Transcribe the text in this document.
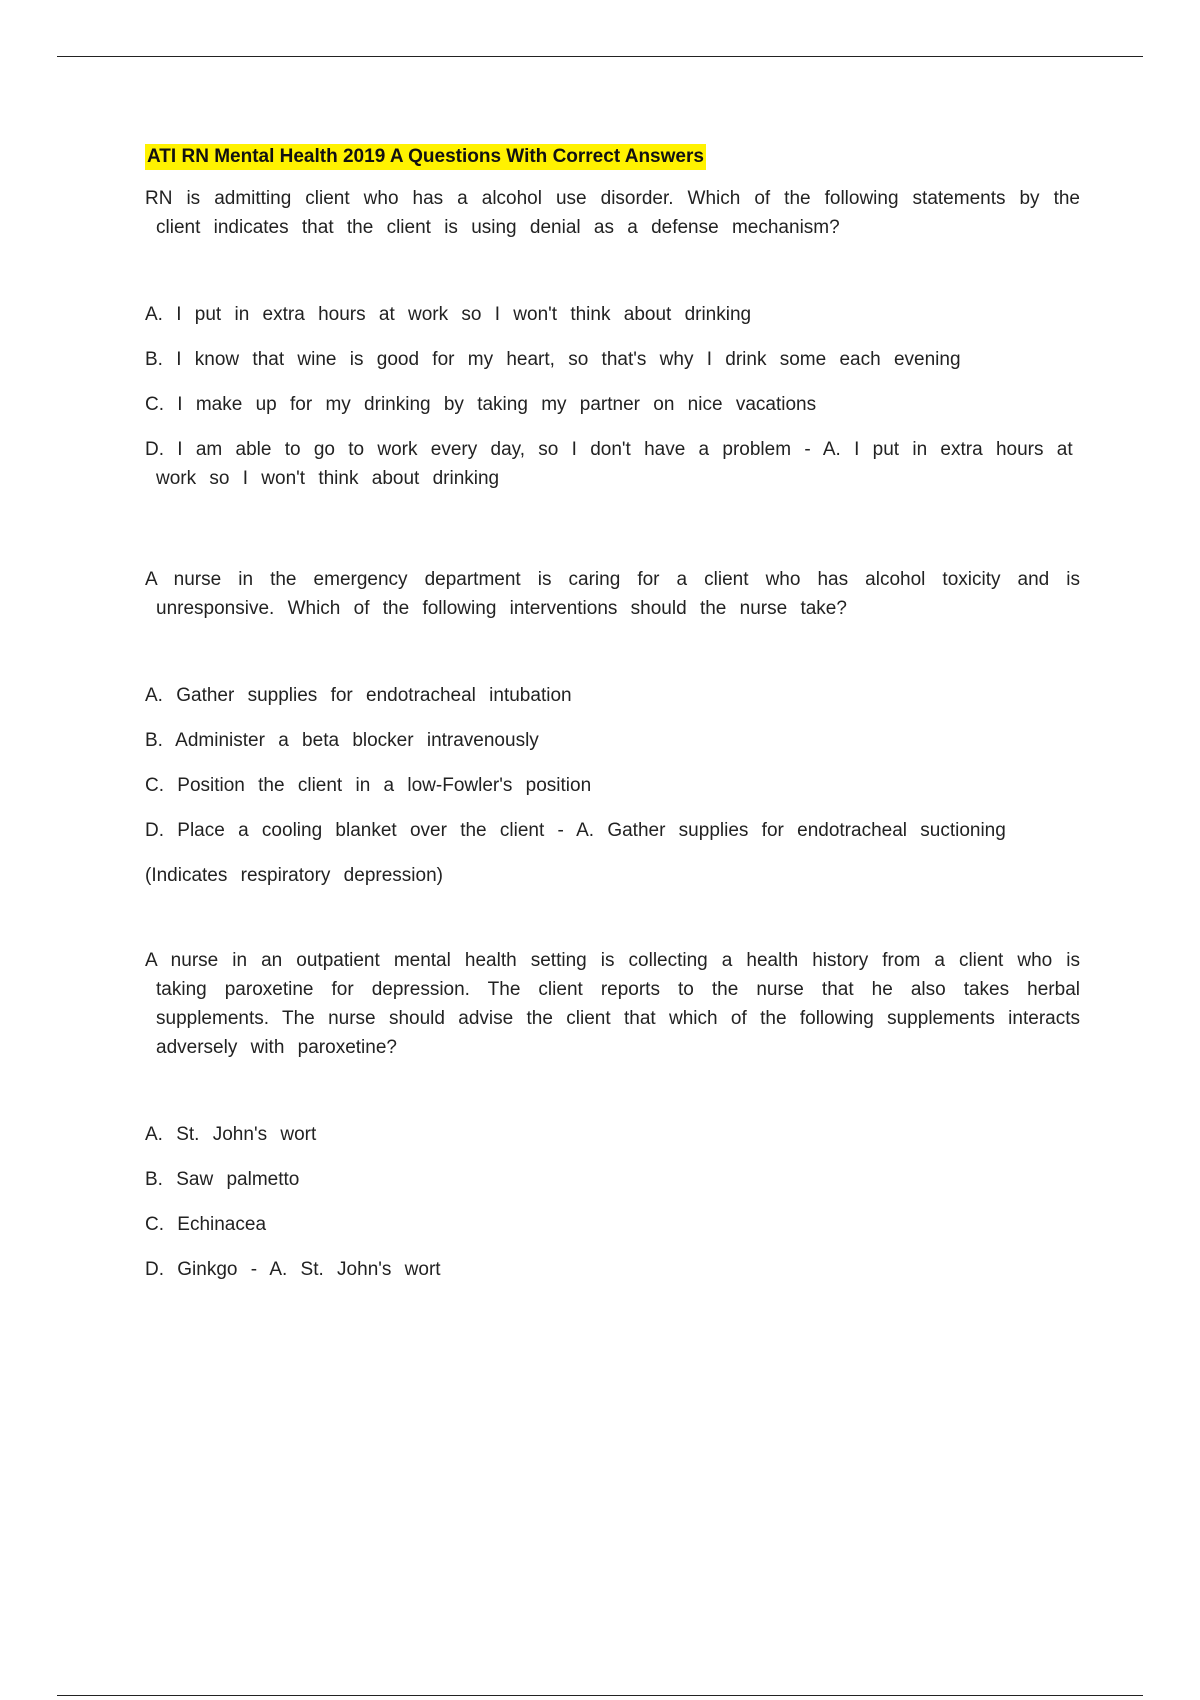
ATI RN Mental Health 2019 A Questions With Correct Answers

RN is admitting client who has a alcohol use disorder. Which of the following statements by the client indicates that the client is using denial as a defense mechanism?

A. I put in extra hours at work so I won't think about drinking

B. I know that wine is good for my heart, so that's why I drink some each evening

C. I make up for my drinking by taking my partner on nice vacations

D. I am able to go to work every day, so I don't have a problem - A. I put in extra hours at work so I won't think about drinking

A nurse in the emergency department is caring for a client who has alcohol toxicity and is unresponsive. Which of the following interventions should the nurse take?

A. Gather supplies for endotracheal intubation

B. Administer a beta blocker intravenously

C. Position the client in a low-Fowler's position

D. Place a cooling blanket over the client - A. Gather supplies for endotracheal suctioning

(Indicates respiratory depression)

A nurse in an outpatient mental health setting is collecting a health history from a client who is taking paroxetine for depression. The client reports to the nurse that he also takes herbal supplements. The nurse should advise the client that which of the following supplements interacts adversely with paroxetine?

A. St. John's wort

B. Saw palmetto

C. Echinacea

D. Ginkgo - A. St. John's wort
